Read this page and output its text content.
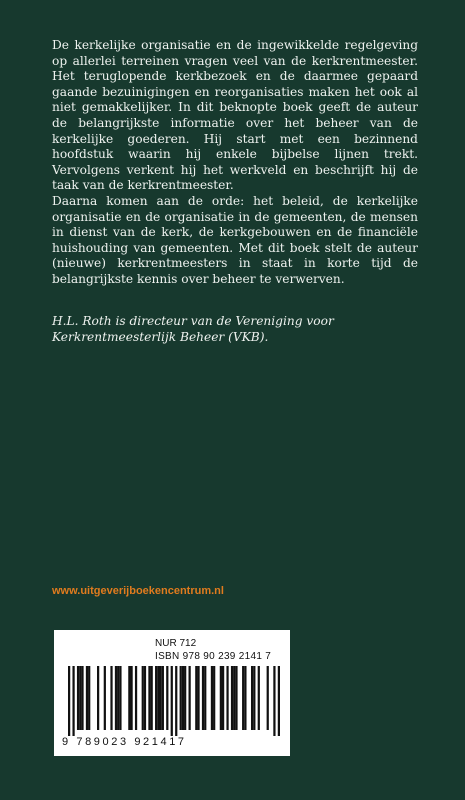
De kerkelijke organisatie en de ingewikkelde regelgeving op allerlei terreinen vragen veel van de kerkrentmeester. Het teruglopende kerkbezoek en de daarmee gepaard gaande bezuinigingen en reorganisaties maken het ook al niet gemakkelijker. In dit beknopte boek geeft de auteur de belangrijkste informatie over het beheer van de kerkelijke goederen. Hij start met een bezinnend hoofdstuk waarin hij enkele bijbelse lijnen trekt. Vervolgens verkent hij het werkveld en beschrijft hij de taak van de kerkrentmeester.

Daarna komen aan de orde: het beleid, de kerkelijke organisatie en de organisatie in de gemeenten, de mensen in dienst van de kerk, de kerkgebouwen en de financiële huishouding van gemeenten. Met dit boek stelt de auteur (nieuwe) kerkrentmeesters in staat in korte tijd de belangrijkste kennis over beheer te verwerven.

H.L. Roth is directeur van de Vereniging voor Kerkrentmeesterlijk Beheer (VKB).

www.uitgeverijboekencentrum.nl
NUR 712
ISBN 978 90 239 2141 7
9 789023 921417
